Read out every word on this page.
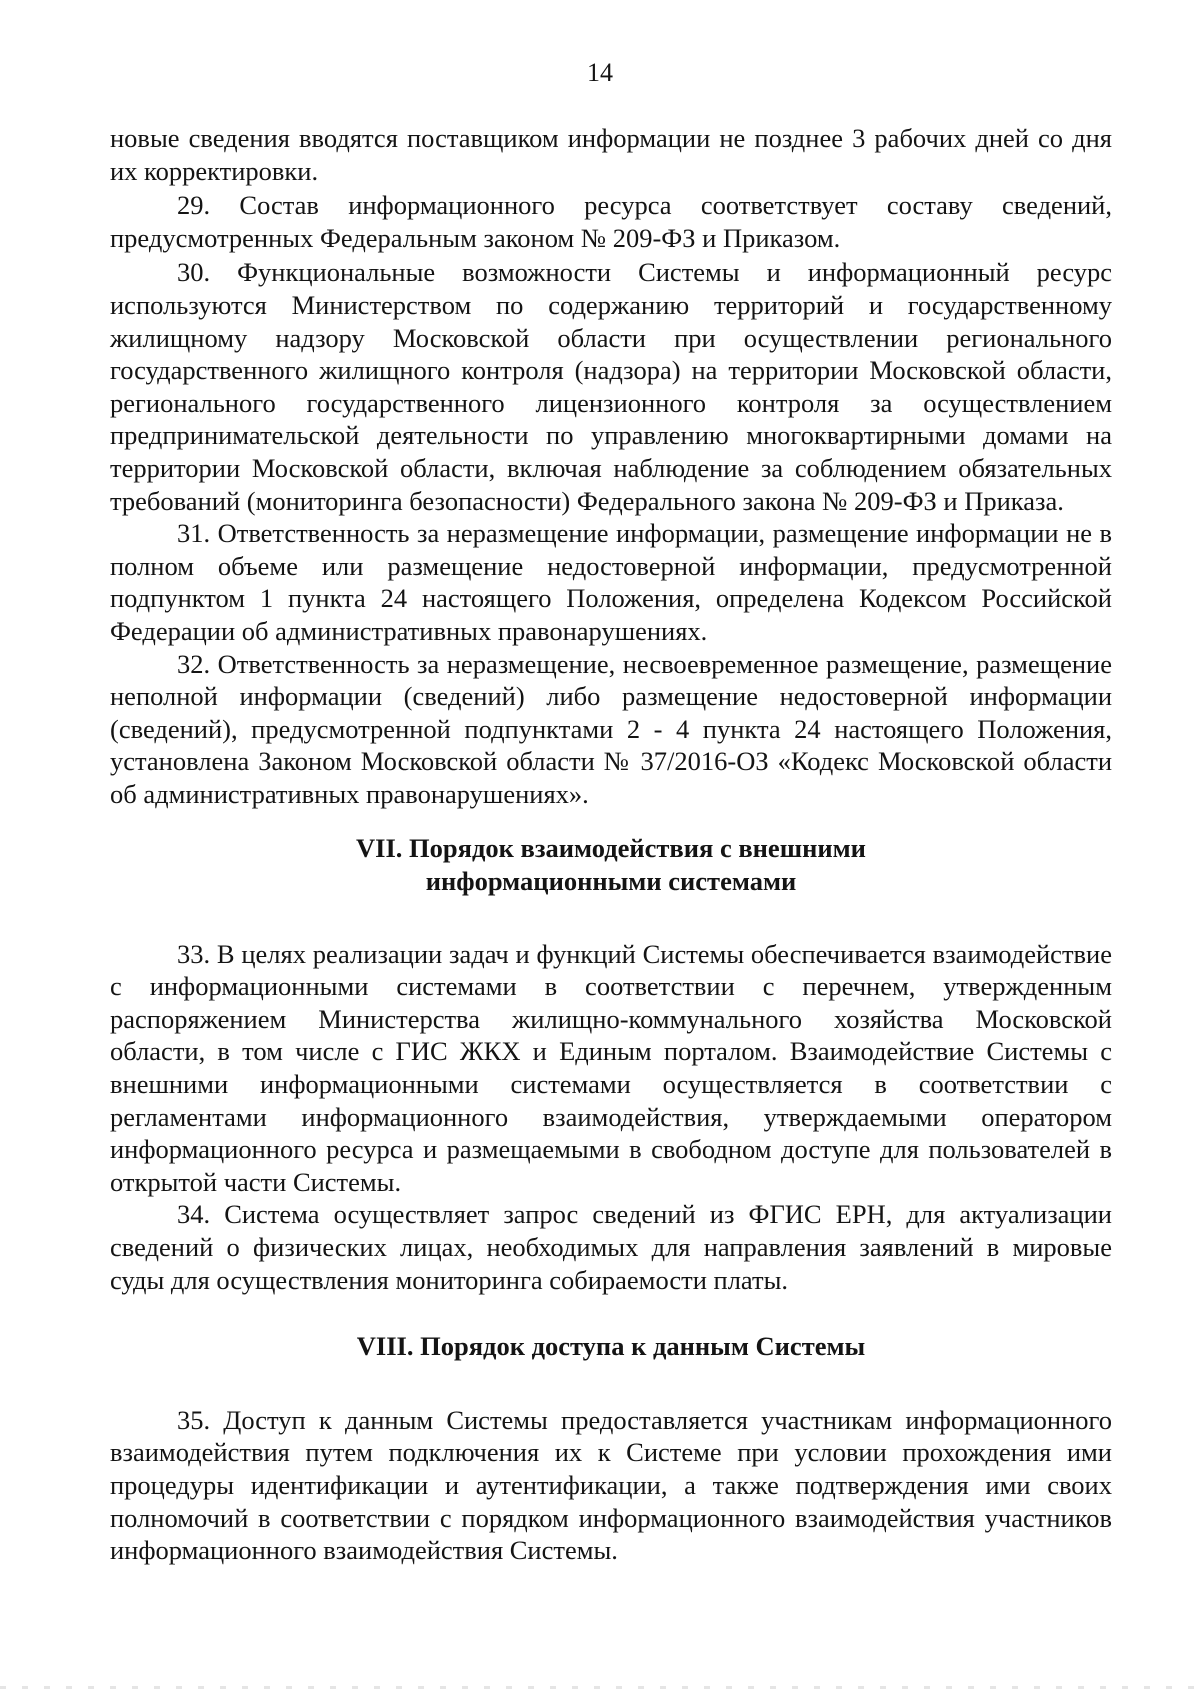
14

новые сведения вводятся поставщиком информации не позднее 3 рабочих дней со дня их корректировки.

29. Состав информационного ресурса соответствует составу сведений, предусмотренных Федеральным законом № 209-ФЗ и Приказом.

30. Функциональные возможности Системы и информационный ресурс используются Министерством по содержанию территорий и государственному жилищному надзору Московской области при осуществлении регионального государственного жилищного контроля (надзора) на территории Московской области, регионального государственного лицензионного контроля за осуществлением предпринимательской деятельности по управлению многоквартирными домами на территории Московской области, включая наблюдение за соблюдением обязательных требований (мониторинга безопасности) Федерального закона № 209-ФЗ и Приказа.

31. Ответственность за неразмещение информации, размещение информации не в полном объеме или размещение недостоверной информации, предусмотренной подпунктом 1 пункта 24 настоящего Положения, определена Кодексом Российской Федерации об административных правонарушениях.

32. Ответственность за неразмещение, несвоевременное размещение, размещение неполной информации (сведений) либо размещение недостоверной информации (сведений), предусмотренной подпунктами 2 - 4 пункта 24 настоящего Положения, установлена Законом Московской области № 37/2016-ОЗ «Кодекс Московской области об административных правонарушениях».

VII. Порядок взаимодействия с внешними
информационными системами

33. В целях реализации задач и функций Системы обеспечивается взаимодействие с информационными системами в соответствии с перечнем, утвержденным распоряжением Министерства жилищно-коммунального хозяйства Московской области, в том числе с ГИС ЖКХ и Единым порталом. Взаимодействие Системы с внешними информационными системами осуществляется в соответствии с регламентами информационного взаимодействия, утверждаемыми оператором информационного ресурса и размещаемыми в свободном доступе для пользователей в открытой части Системы.

34. Система осуществляет запрос сведений из ФГИС ЕРН, для актуализации сведений о физических лицах, необходимых для направления заявлений в мировые суды для осуществления мониторинга собираемости платы.

VIII. Порядок доступа к данным Системы

35. Доступ к данным Системы предоставляется участникам информационного взаимодействия путем подключения их к Системе при условии прохождения ими процедуры идентификации и аутентификации, а также подтверждения ими своих полномочий в соответствии с порядком информационного взаимодействия участников информационного взаимодействия Системы.
